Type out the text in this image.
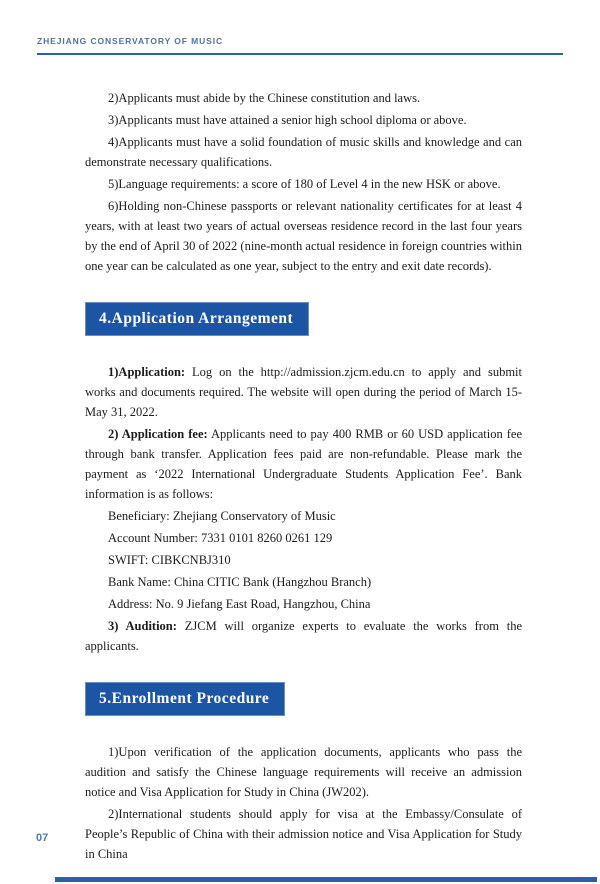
ZHEJIANG CONSERVATORY OF MUSIC

2)Applicants must abide by the Chinese constitution and laws.

3)Applicants must have attained a senior high school diploma or above.

4)Applicants must have a solid foundation of music skills and knowledge and can demonstrate necessary qualifications.

5)Language requirements: a score of 180 of Level 4 in the new HSK or above.

6)Holding non-Chinese passports or relevant nationality certificates for at least 4 years, with at least two years of actual overseas residence record in the last four years by the end of April 30 of 2022 (nine-month actual residence in foreign countries within one year can be calculated as one year, subject to the entry and exit date records).

4.Application Arrangement

1)Application: Log on the http://admission.zjcm.edu.cn to apply and submit works and documents required. The website will open during the period of March 15-May 31, 2022.

2) Application fee: Applicants need to pay 400 RMB or 60 USD application fee through bank transfer. Application fees paid are non-refundable. Please mark the payment as ‘2022 International Undergraduate Students Application Fee’. Bank information is as follows:

Beneficiary: Zhejiang Conservatory of Music

Account Number: 7331 0101 8260 0261 129

SWIFT: CIBKCNBJ310

Bank Name: China CITIC Bank (Hangzhou Branch)

Address: No. 9 Jiefang East Road, Hangzhou, China

3) Audition: ZJCM will organize experts to evaluate the works from the applicants.

5.Enrollment Procedure

1)Upon verification of the application documents, applicants who pass the audition and satisfy the Chinese language requirements will receive an admission notice and Visa Application for Study in China (JW202).

2)International students should apply for visa at the Embassy/Consulate of People’s Republic of China with their admission notice and Visa Application for Study in China

07
